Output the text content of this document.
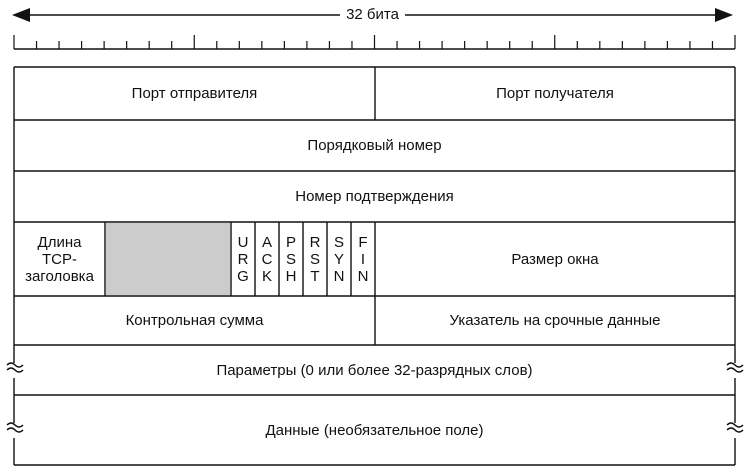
32 бита
Порт отправителя	Порт получателя
Порядковый номер
Номер подтверждения
Длина
TCP-
заголовка
U
R
G
A
C
K
P
S
H
R
S
T
S
Y
N
F
I
N
Размер окна
Контрольная сумма	Указатель на срочные данные
Параметры (0 или более 32-разрядных слов)
Данные (необязательное поле)
